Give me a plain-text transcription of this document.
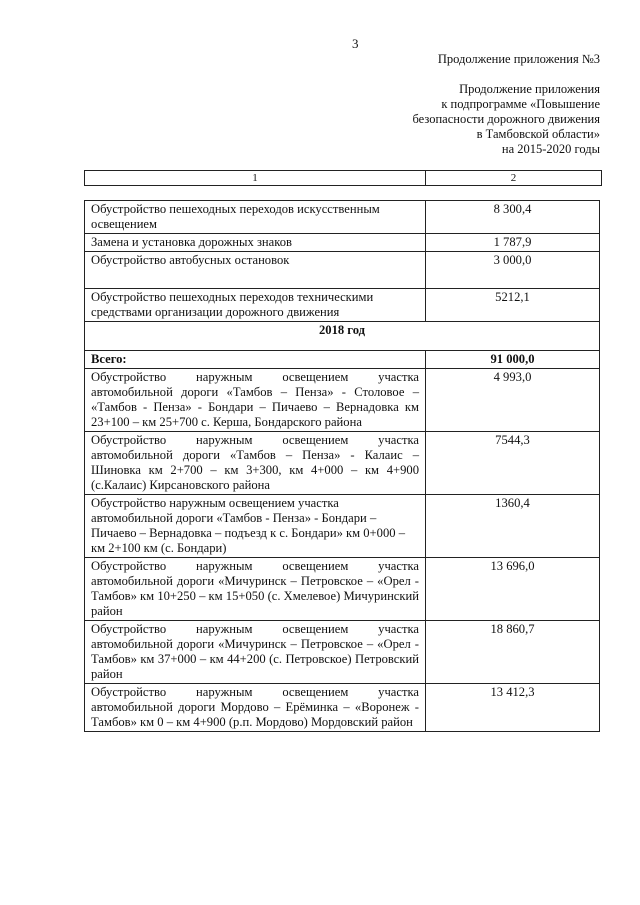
3
Продолжение приложения №3
Продолжение приложения
к подпрограмме «Повышение
безопасности дорожного движения
в Тамбовской области»
на 2015-2020 годы
1	2
Обустройство пешеходных переходов искусственным освещением	8 300,4
Замена и установка дорожных знаков	1 787,9
Обустройство автобусных остановок	3 000,0
Обустройство пешеходных переходов техническими средствами организации дорожного движения	5212,1
2018 год	
Всего:	91 000,0
Обустройство наружным освещением участка автомобильной дороги «Тамбов – Пенза» - Столовое – «Тамбов - Пенза» - Бондари – Пичаево – Вернадовка км 23+100 – км 25+700 с. Керша, Бондарского района	4 993,0
Обустройство наружным освещением участка автомобильной дороги «Тамбов – Пенза» - Калаис – Шиновка км 2+700 – км 3+300, км 4+000 – км 4+900 (с.Калаис) Кирсановского района	7544,3
Обустройство наружным освещением участка автомобильной дороги «Тамбов - Пенза» - Бондари – Пичаево – Вернадовка – подъезд к с. Бондари» км 0+000 – км 2+100 км (с. Бондари)	1360,4
Обустройство наружным освещением участка автомобильной дороги «Мичуринск – Петровское – «Орел - Тамбов» км 10+250 – км 15+050 (с. Хмелевое) Мичуринский район	13 696,0
Обустройство наружным освещением участка автомобильной дороги «Мичуринск – Петровское – «Орел - Тамбов» км 37+000 – км 44+200 (с. Петровское) Петровский район	18 860,7
Обустройство наружным освещением участка автомобильной дороги Мордово – Ерёминка – «Воронеж - Тамбов» км 0 – км 4+900 (р.п. Мордово) Мордовский район	13 412,3
